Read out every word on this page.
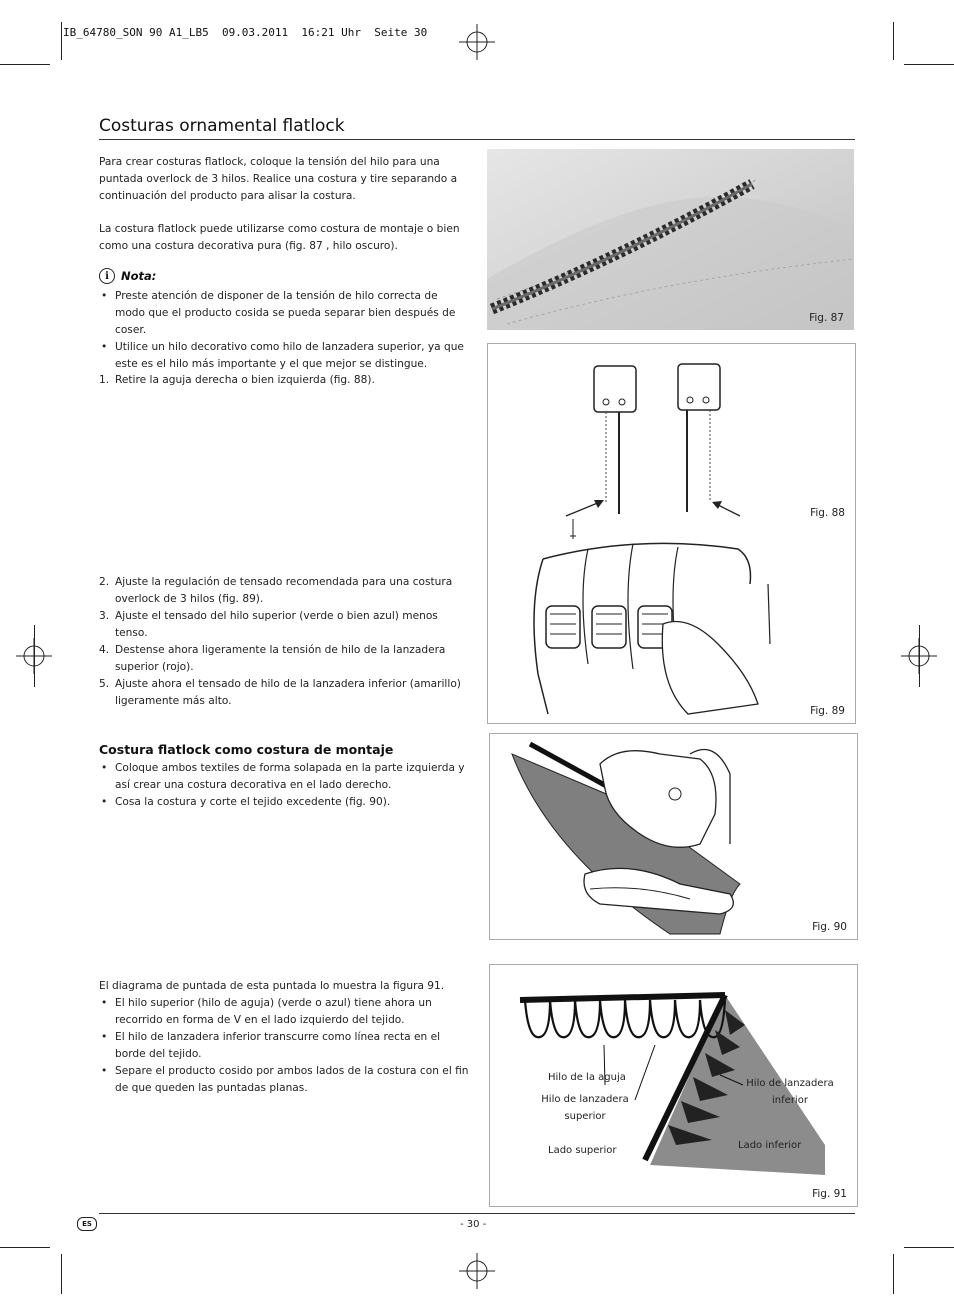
IB_64780_SON 90 A1_LB5  09.03.2011  16:21 Uhr  Seite 30
Costuras ornamental flatlock
Para crear costuras flatlock, coloque la tensión del hilo para una puntada overlock de 3 hilos. Realice una costura y tire separando a continuación del producto para alisar la costura.
La costura flatlock puede utilizarse como costura de montaje o bien como una costura decorativa pura (fig. 87 , hilo oscuro).
i	Nota:
• Preste atención de disponer de la tensión de hilo correcta de modo que el producto cosida se pueda separar bien después de coser.
• Utilice un hilo decorativo como hilo de lanzadera superior, ya que este es el hilo más importante y el que mejor se distingue.
1. Retire la aguja derecha o bien izquierda (fig. 88).
2. Ajuste la regulación de tensado recomendada para una costura overlock de 3 hilos (fig. 89).
3. Ajuste el tensado del hilo superior (verde o bien azul) menos tenso.
4. Destense ahora ligeramente la tensión de hilo de la lanzadera superior (rojo).
5. Ajuste ahora el tensado de hilo de la lanzadera inferior (amarillo) ligeramente más alto.
Costura flatlock como costura de montaje
• Coloque ambos textiles de forma solapada en la parte izquierda y así crear una costura decorativa en el lado derecho.
• Cosa la costura y corte el tejido excedente (fig. 90).
El diagrama de puntada de esta puntada lo muestra la figura 91.
• El hilo superior (hilo de aguja) (verde o azul) tiene ahora un recorrido en forma de V en el lado izquierdo del tejido.
• El hilo de lanzadera inferior transcurre como línea recta en el borde del tejido.
• Separe el producto cosido por ambos lados de la costura con el fin de que queden las puntadas planas.
Fig. 87
Fig. 88
Fig. 89
Fig. 90
Hilo de la aguja
Hilo de lanzadera
superior
Hilo de lanzadera
inferior
Lado superior	Lado inferior
Fig. 91
ES	- 30 -
